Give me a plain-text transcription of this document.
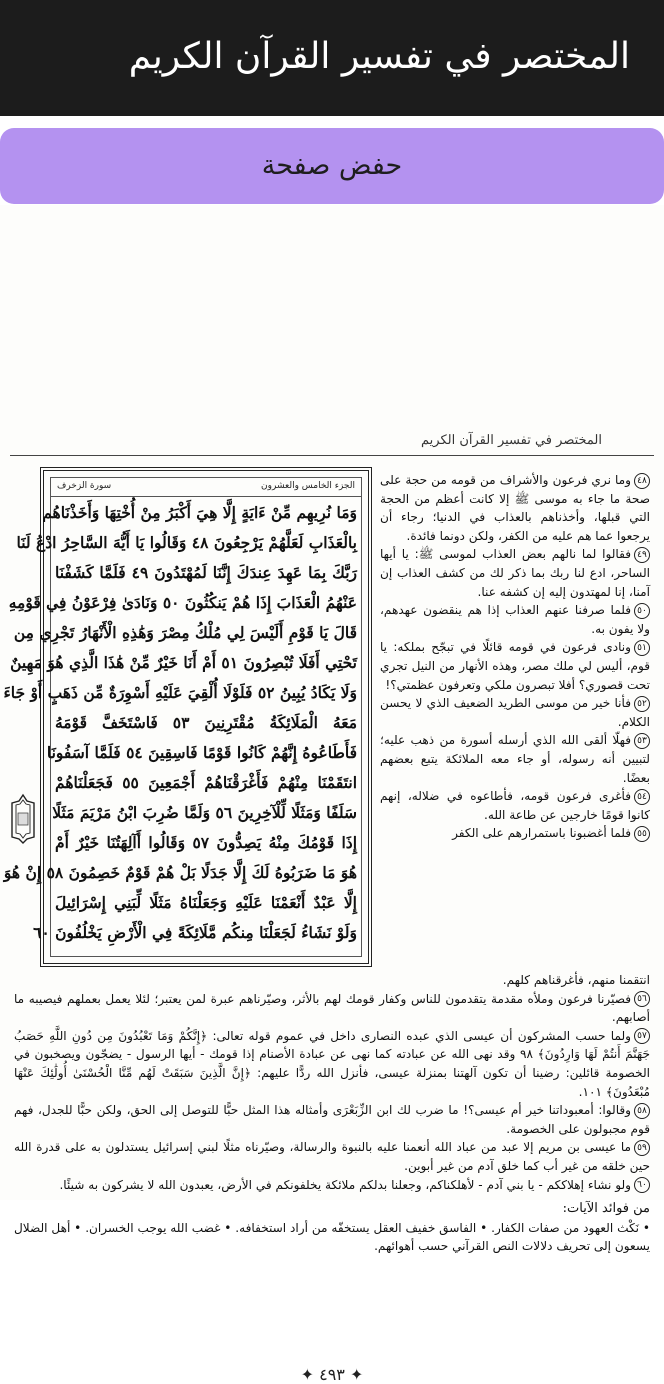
المختصر في تفسير القرآن الكريم
المختصر في تفسير القرآن الكريم
سورة الزخرف	الجزء الخامس والعشرون
وَمَا نُرِيهِم مِّنْ ءَايَةٍ إِلَّا هِيَ أَكْبَرُ مِنْ أُخْتِهَا وَأَخَذْنَاهُم
بِالْعَذَابِ لَعَلَّهُمْ يَرْجِعُونَ ٤٨ وَقَالُوا يَا أَيُّهَ السَّاحِرُ ادْعُ لَنَا
رَبَّكَ بِمَا عَهِدَ عِندَكَ إِنَّنَا لَمُهْتَدُونَ ٤٩ فَلَمَّا كَشَفْنَا
عَنْهُمُ الْعَذَابَ إِذَا هُمْ يَنكُثُونَ ٥٠ وَنَادَىٰ فِرْعَوْنُ فِي قَوْمِهِ
قَالَ يَا قَوْمِ أَلَيْسَ لِي مُلْكُ مِصْرَ وَهَٰذِهِ الْأَنْهَارُ تَجْرِي مِن
تَحْتِي أَفَلَا تُبْصِرُونَ ٥١ أَمْ أَنَا خَيْرٌ مِّنْ هَٰذَا الَّذِي هُوَ مَهِينٌ
وَلَا يَكَادُ يُبِينُ ٥٢ فَلَوْلَا أُلْقِيَ عَلَيْهِ أَسْوِرَةٌ مِّن ذَهَبٍ أَوْ جَاءَ
مَعَهُ الْمَلَائِكَةُ مُقْتَرِنِينَ ٥٣ فَاسْتَخَفَّ قَوْمَهُ
فَأَطَاعُوهُ إِنَّهُمْ كَانُوا قَوْمًا فَاسِقِينَ ٥٤ فَلَمَّا آسَفُونَا
انتَقَمْنَا مِنْهُمْ فَأَغْرَقْنَاهُمْ أَجْمَعِينَ ٥٥ فَجَعَلْنَاهُمْ
سَلَفًا وَمَثَلًا لِّلْآخِرِينَ ٥٦ وَلَمَّا ضُرِبَ ابْنُ مَرْيَمَ مَثَلًا
إِذَا قَوْمُكَ مِنْهُ يَصِدُّونَ ٥٧ وَقَالُوا أَآلِهَتُنَا خَيْرٌ أَمْ
هُوَ مَا ضَرَبُوهُ لَكَ إِلَّا جَدَلًا بَلْ هُمْ قَوْمٌ خَصِمُونَ ٥٨ إِنْ هُوَ
إِلَّا عَبْدٌ أَنْعَمْنَا عَلَيْهِ وَجَعَلْنَاهُ مَثَلًا لِّبَنِي إِسْرَائِيلَ
وَلَوْ نَشَاءُ لَجَعَلْنَا مِنكُم مَّلَائِكَةً فِي الْأَرْضِ يَخْلُفُونَ ٦٠

٤٨وما نري فرعون والأشراف من قومه من حجة على صحة ما جاء به موسى ﷺ إلا كانت أعظم من الحجة التي قبلها، وأخذناهم بالعذاب في الدنيا؛ رجاء أن يرجعوا عما هم عليه من الكفر، ولكن دونما فائدة.

٤٩فقالوا لما نالهم بعض العذاب لموسى ﷺ: يا أيها الساحر، ادع لنا ربك بما ذكر لك من كشف العذاب إن آمنا، إنا لمهتدون إليه إن كشفه عنا.

٥٠فلما صرفنا عنهم العذاب إذا هم ينقضون عهدهم، ولا يفون به.

٥١ونادى فرعون في قومه قائلًا في تبجّح بملكه: يا قوم، أليس لي ملك مصر، وهذه الأنهار من النيل تجري تحت قصوري؟ أفلا تبصرون ملكي وتعرفون عظمتي؟!

٥٢فأنا خير من موسى الطريد الضعيف الذي لا يحسن الكلام.

٥٣فهلّا ألقى الله الذي أرسله أسورة من ذهب عليه؛ لتبيين أنه رسوله، أو جاء معه الملائكة يتبع بعضهم بعضًا.

٥٤فأغرى فرعون قومه، فأطاعوه في ضلاله، إنهم كانوا قومًا خارجين عن طاعة الله.

٥٥فلما أغضبونا باستمرارهم على الكفر

انتقمنا منهم، فأغرقناهم كلهم.

٥٦فصيّرنا فرعون وملأه مقدمة يتقدمون للناس وكفار قومك لهم بالأثر، وصيّرناهم عبرة لمن يعتبر؛ لئلا يعمل بعملهم فيصيبه ما أصابهم.

٥٧ولما حسب المشركون أن عيسى الذي عبده النصارى داخل في عموم قوله تعالى: ﴿إِنَّكُمْ وَمَا تَعْبُدُونَ مِن دُونِ اللَّهِ حَصَبُ جَهَنَّمَ أَنتُمْ لَهَا وَارِدُونَ﴾ ٩٨ وقد نهى الله عن عبادته كما نهى عن عبادة الأصنام إذا قومك - أيها الرسول - يضجّون ويصخبون في الخصومة قائلين: رضينا أن تكون آلهتنا بمنزلة عيسى، فأنزل الله ردًّا عليهم: ﴿إِنَّ الَّذِينَ سَبَقَتْ لَهُم مِّنَّا الْحُسْنَىٰ أُولَٰئِكَ عَنْهَا مُبْعَدُونَ﴾ ١٠١.

٥٨وقالوا: أمعبوداتنا خير أم عيسى؟! ما ضرب لك ابن الزِّبَعْرَى وأمثاله هذا المثل حبًّا للتوصل إلى الحق، ولكن حبًّا للجدل، فهم قوم مجبولون على الخصومة.

٥٩ما عيسى بن مريم إلا عبد من عباد الله أنعمنا عليه بالنبوة والرسالة، وصيّرناه مثلًا لبني إسرائيل يستدلون به على قدرة الله حين خلقه من غير أب كما خلق آدم من غير أبوين.

٦٠ولو نشاء إهلاككم - يا بني آدم - لأهلكناكم، وجعلنا بدلكم ملائكة يخلفونكم في الأرض، يعبدون الله لا يشركون به شيئًا.

من فوائد الآيات:

• نَكْث العهود من صفات الكفار. • الفاسق خفيف العقل يستخفّه من أراد استخفافه. • غضب الله يوجب الخسران. • أهل الضلال يسعون إلى تحريف دلالات النص القرآني حسب أهوائهم.

✦ ٤٩٣ ✦
حفض صفحة
